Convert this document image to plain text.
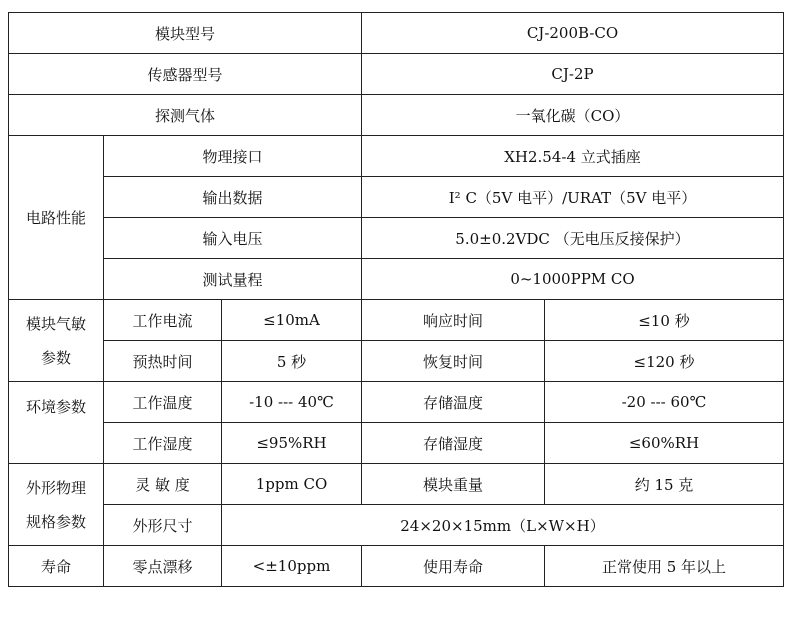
模块型号			CJ-200B-CO	
传感器型号			CJ-2P	
探测气体			一氧化碳（CO）	
电路性能	物理接口		XH2.54-4 立式插座	
	输出数据		I² C（5V 电平）/URAT（5V 电平）	
	输入电压		5.0±0.2VDC （无电压反接保护）	
	测试量程		0~1000PPM CO	

模块气敏
参数	工作电流	≤10mA	响应时间	≤10 秒
	预热时间	5 秒	恢复时间	≤120 秒
环境参数	工作温度	-10 --- 40℃	存储温度	-20 --- 60℃
	工作湿度	≤95%RH	存储湿度	≤60%RH

外形物理
规格参数	灵 敏 度	1ppm CO	模块重量	约 15 克
	外形尺寸	24×20×15mm（L×W×H）		
寿命	零点漂移	<±10ppm	使用寿命	正常使用 5 年以上
